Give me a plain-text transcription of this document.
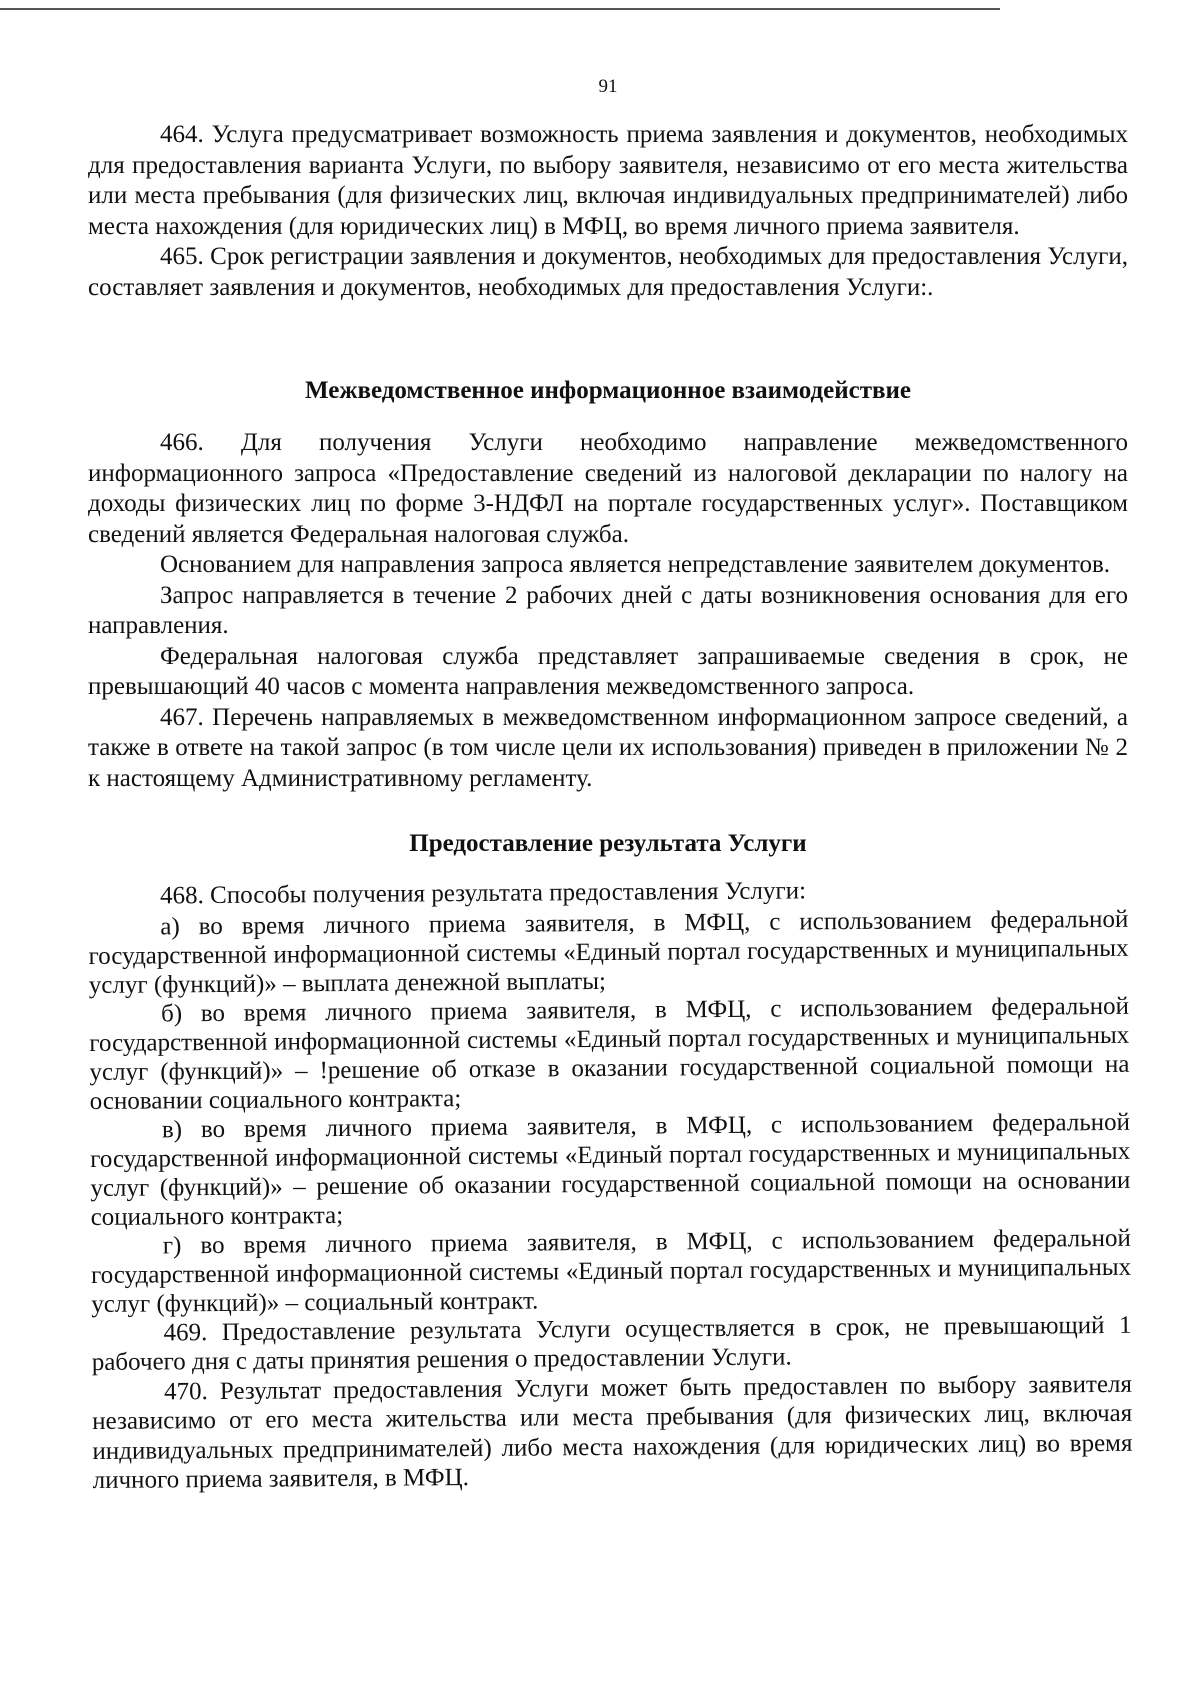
91

464. Услуга предусматривает возможность приема заявления и документов, необходимых для предоставления варианта Услуги, по выбору заявителя, независимо от его места жительства или места пребывания (для физических лиц, включая индивидуальных предпринимателей) либо места нахождения (для юридических лиц) в МФЦ, во время личного приема заявителя.

465. Срок регистрации заявления и документов, необходимых для предоставления Услуги, составляет заявления и документов, необходимых для предоставления Услуги:.

Межведомственное информационное взаимодействие

466. Для получения Услуги необходимо направление межведомственного информационного запроса «Предоставление сведений из налоговой декларации по налогу на доходы физических лиц по форме 3-НДФЛ на портале государственных услуг». Поставщиком сведений является Федеральная налоговая служба.

Основанием для направления запроса является непредставление заявителем документов.

Запрос направляется в течение 2 рабочих дней с даты возникновения основания для его направления.

Федеральная налоговая служба представляет запрашиваемые сведения в срок, не превышающий 40 часов с момента направления межведомственного запроса.

467. Перечень направляемых в межведомственном информационном запросе сведений, а также в ответе на такой запрос (в том числе цели их использования) приведен в приложении № 2 к настоящему Административному регламенту.

Предоставление результата Услуги

468. Способы получения результата предоставления Услуги:

а) во время личного приема заявителя, в МФЦ, с использованием федеральной государственной информационной системы «Единый портал государственных и муниципальных услуг (функций)» – выплата денежной выплаты;

б) во время личного приема заявителя, в МФЦ, с использованием федеральной государственной информационной системы «Единый портал государственных и муниципальных услуг (функций)» – !решение об отказе в оказании государственной социальной помощи на основании социального контракта;

в) во время личного приема заявителя, в МФЦ, с использованием федеральной государственной информационной системы «Единый портал государственных и муниципальных услуг (функций)» – решение об оказании государственной социальной помощи на основании социального контракта;

г) во время личного приема заявителя, в МФЦ, с использованием федеральной государственной информационной системы «Единый портал государственных и муниципальных услуг (функций)» – социальный контракт.

469. Предоставление результата Услуги осуществляется в срок, не превышающий 1 рабочего дня с даты принятия решения о предоставлении Услуги.

470. Результат предоставления Услуги может быть предоставлен по выбору заявителя независимо от его места жительства или места пребывания (для физических лиц, включая индивидуальных предпринимателей) либо места нахождения (для юридических лиц) во время личного приема заявителя, в МФЦ.
